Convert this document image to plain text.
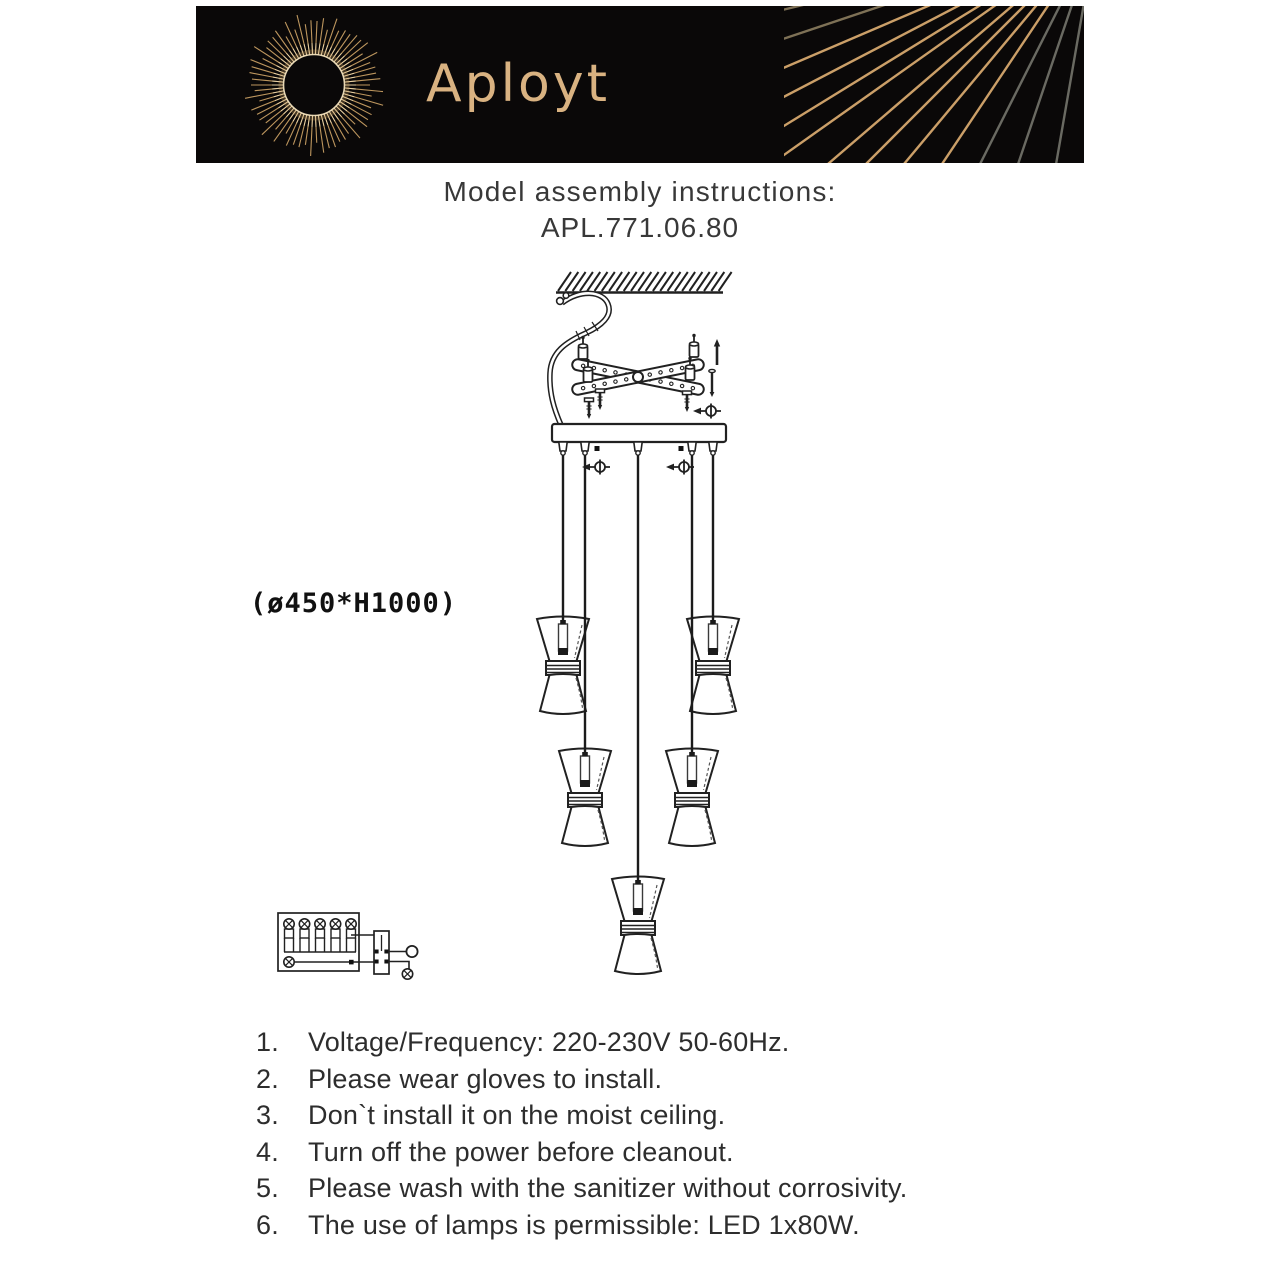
Aployt
Model assembly instructions:
APL.771.06.80
(ø450*H1000)
1.	Voltage/Frequency: 220-230V 50-60Hz.
2.	Please wear gloves to install.
3.	Don`t install it on the moist ceiling.
4.	Turn off the power before cleanout.
5.	Please wash with the sanitizer without corrosivity.
6.	The use of lamps is permissible: LED 1x80W.
